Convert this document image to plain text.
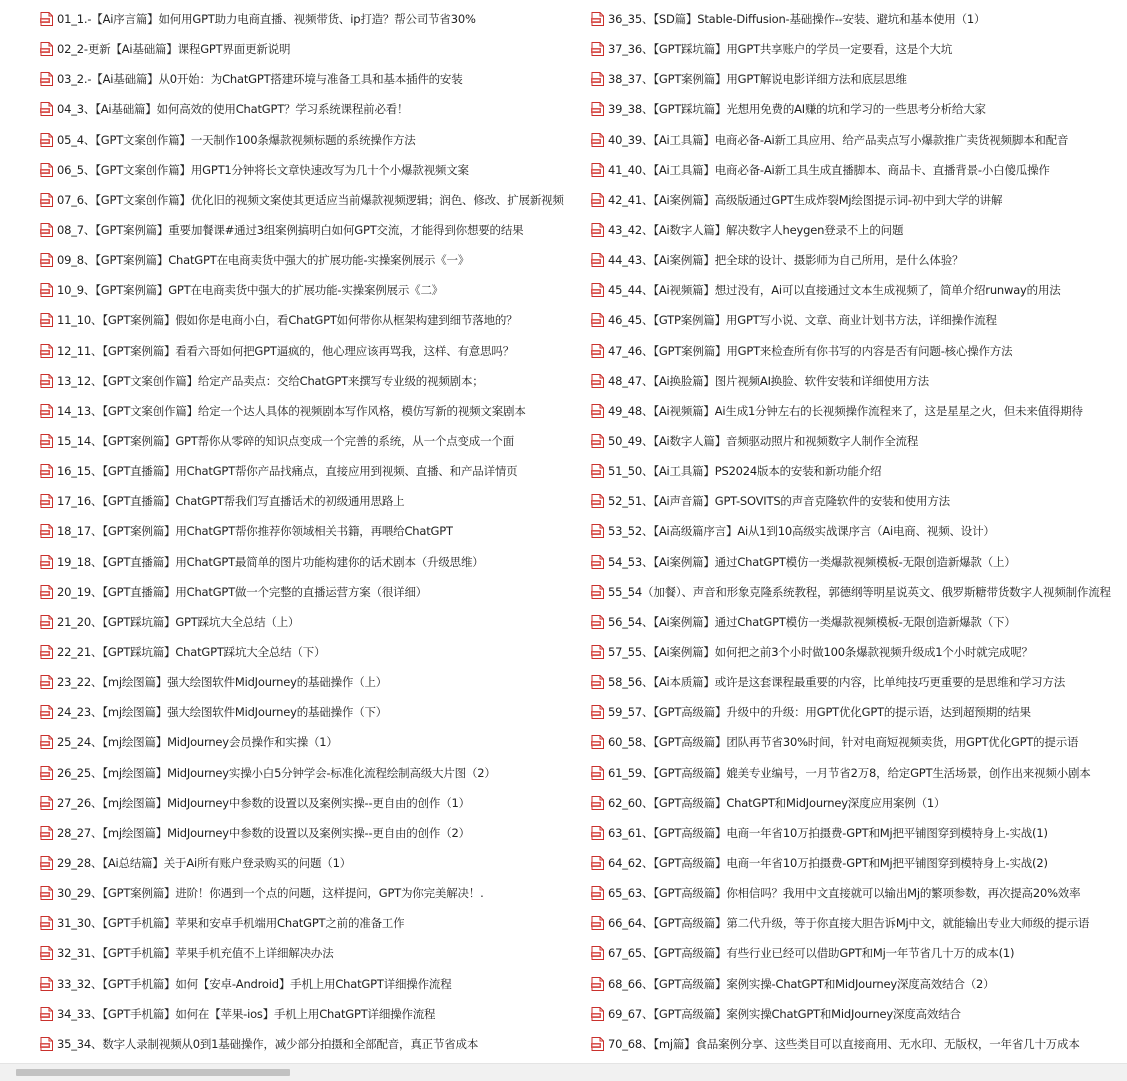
01_1.-【Ai序言篇】如何用GPT助力电商直播、视频带货、ip打造？帮公司节省30%
02_2-更新【Ai基础篇】课程GPT界面更新说明
03_2.-【Ai基础篇】从0开始：为ChatGPT搭建环境与准备工具和基本插件的安装
04_3、【Ai基础篇】如何高效的使用ChatGPT？学习系统课程前必看！
05_4、【GPT文案创作篇】一天制作100条爆款视频标题的系统操作方法
06_5、【GPT文案创作篇】用GPT1分钟将长文章快速改写为几十个小爆款视频文案
07_6、【GPT文案创作篇】优化旧的视频文案使其更适应当前爆款视频逻辑；润色、修改、扩展新视频
08_7、【GPT案例篇】重要加餐课#通过3组案例搞明白如何GPT交流，才能得到你想要的结果
09_8、【GPT案例篇】ChatGPT在电商卖货中强大的扩展功能-实操案例展示《一》
10_9、【GPT案例篇】GPT在电商卖货中强大的扩展功能-实操案例展示《二》
11_10、【GPT案例篇】假如你是电商小白，看ChatGPT如何带你从框架构建到细节落地的？
12_11、【GPT案例篇】看看六哥如何把GPT逼疯的，他心理应该再骂我，这样、有意思吗？
13_12、【GPT文案创作篇】给定产品卖点：交给ChatGPT来撰写专业级的视频剧本；
14_13、【GPT文案创作篇】给定一个达人具体的视频剧本写作风格，模仿写新的视频文案剧本
15_14、【GPT案例篇】GPT帮你从零碎的知识点变成一个完善的系统，从一个点变成一个面
16_15、【GPT直播篇】用ChatGPT帮你产品找痛点，直接应用到视频、直播、和产品详情页
17_16、【GPT直播篇】ChatGPT帮我们写直播话术的初级通用思路上
18_17、【GPT案例篇】用ChatGPT帮你推荐你领域相关书籍，再喂给ChatGPT
19_18、【GPT直播篇】用ChatGPT最简单的图片功能构建你的话术剧本（升级思维）
20_19、【GPT直播篇】用ChatGPT做一个完整的直播运营方案（很详细）
21_20、【GPT踩坑篇】GPT踩坑大全总结（上）
22_21、【GPT踩坑篇】ChatGPT踩坑大全总结（下）
23_22、【mj绘图篇】强大绘图软件MidJourney的基础操作（上）
24_23、【mj绘图篇】强大绘图软件MidJourney的基础操作（下）
25_24、【mj绘图篇】MidJourney会员操作和实操（1）
26_25、【mj绘图篇】MidJourney实操小白5分钟学会-标准化流程绘制高级大片图（2）
27_26、【mj绘图篇】MidJourney中参数的设置以及案例实操--更自由的创作（1）
28_27、【mj绘图篇】MidJourney中参数的设置以及案例实操--更自由的创作（2）
29_28、【Ai总结篇】关于Ai所有账户登录购买的问题（1）
30_29、【GPT案例篇】进阶！你遇到一个点的问题，这样提问，GPT为你完美解决！.
31_30、【GPT手机篇】苹果和安卓手机端用ChatGPT之前的准备工作
32_31、【GPT手机篇】苹果手机充值不上详细解决办法
33_32、【GPT手机篇】如何【安卓-Android】手机上用ChatGPT详细操作流程
34_33、【GPT手机篇】如何在【苹果-ios】手机上用ChatGPT详细操作流程
35_34、数字人录制视频从0到1基础操作，减少部分拍摄和全部配音，真正节省成本
36_35、【SD篇】Stable-Diffusion-基础操作--安装、避坑和基本使用（1）
37_36、【GPT踩坑篇】用GPT共享账户的学员一定要看，这是个大坑
38_37、【GPT案例篇】用GPT解说电影详细方法和底层思维
39_38、【GPT踩坑篇】光想用免费的AI赚的坑和学习的一些思考分析给大家
40_39、【Ai工具篇】电商必备-Ai新工具应用、给产品卖点写小爆款推广卖货视频脚本和配音
41_40、【Ai工具篇】电商必备-Ai新工具生成直播脚本、商品卡、直播背景-小白傻瓜操作
42_41、【Ai案例篇】高级版通过GPT生成炸裂Mj绘图提示词-初中到大学的讲解
43_42、【Ai数字人篇】解决数字人heygen登录不上的问题
44_43、【Ai案例篇】把全球的设计、摄影师为自己所用，是什么体验？
45_44、【Ai视频篇】想过没有，Ai可以直接通过文本生成视频了，简单介绍runway的用法
46_45、【GTP案例篇】用GPT写小说、文章、商业计划书方法，详细操作流程
47_46、【GPT案例篇】用GPT来检查所有你书写的内容是否有问题-核心操作方法
48_47、【Ai换脸篇】图片视频AI换脸、软件安装和详细使用方法
49_48、【Ai视频篇】Ai生成1分钟左右的长视频操作流程来了，这是星星之火，但未来值得期待
50_49、【Ai数字人篇】音频驱动照片和视频数字人制作全流程
51_50、【Ai工具篇】PS2024版本的安装和新功能介绍
52_51、【Ai声音篇】GPT-SOVITS的声音克隆软件的安装和使用方法
53_52、【Ai高级篇序言】Ai从1到10高级实战课序言（Ai电商、视频、设计）
54_53、【Ai案例篇】通过ChatGPT模仿一类爆款视频模板-无限创造新爆款（上）
55_54（加餐）、声音和形象克隆系统教程，郭德纲等明星说英文、俄罗斯糖带货数字人视频制作流程
56_54、【Ai案例篇】通过ChatGPT模仿一类爆款视频模板-无限创造新爆款（下）
57_55、【Ai案例篇】如何把之前3个小时做100条爆款视频升级成1个小时就完成呢？
58_56、【Ai本质篇】或许是这套课程最重要的内容，比单纯技巧更重要的是思维和学习方法
59_57、【GPT高级篇】升级中的升级：用GPT优化GPT的提示语，达到超预期的结果
60_58、【GPT高级篇】团队再节省30%时间，针对电商短视频卖货，用GPT优化GPT的提示语
61_59、【GPT高级篇】媲美专业编号，一月节省2万8，给定GPT生活场景，创作出来视频小剧本
62_60、【GPT高级篇】ChatGPT和MidJourney深度应用案例（1）
63_61、【GPT高级篇】电商一年省10万拍摄费-GPT和Mj把平铺图穿到模特身上-实战(1)
64_62、【GPT高级篇】电商一年省10万拍摄费-GPT和Mj把平铺图穿到模特身上-实战(2)
65_63、【GPT高级篇】你相信吗？我用中文直接就可以输出Mj的繁项参数，再次提高20%效率
66_64、【GPT高级篇】第二代升级，等于你直接大胆告诉Mj中文，就能输出专业大师级的提示语
67_65、【GPT高级篇】有些行业已经可以借助GPT和Mj一年节省几十万的成本(1)
68_66、【GPT高级篇】案例实操-ChatGPT和MidJourney深度高效结合（2）
69_67、【GPT高级篇】案例实操ChatGPT和MidJourney深度高效结合
70_68、【mj篇】食品案例分享、这些类目可以直接商用、无水印、无版权，一年省几十万成本
